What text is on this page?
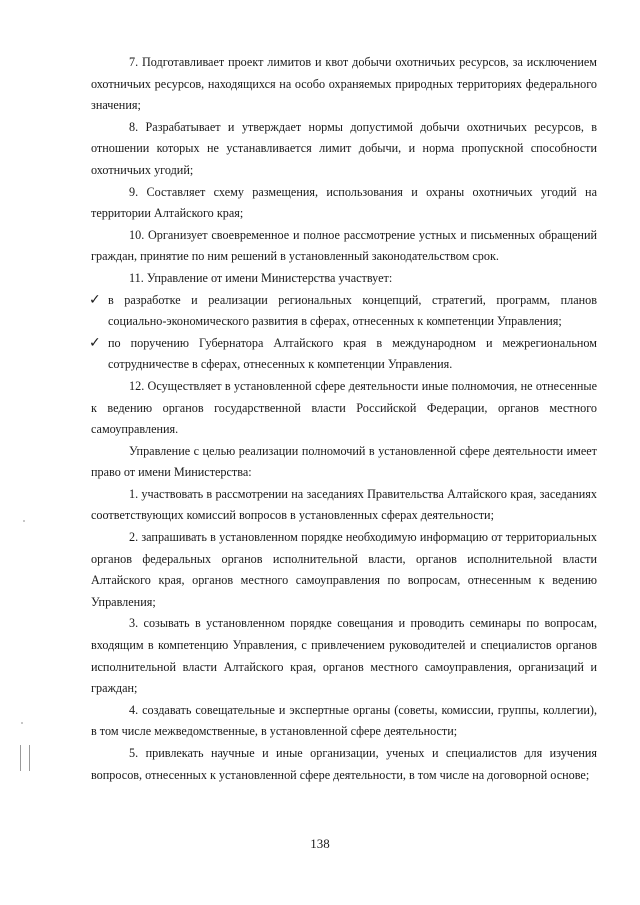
7. Подготавливает проект лимитов и квот добычи охотничьих ресурсов, за исключением охотничьих ресурсов, находящихся на особо охраняемых природных территориях федерального значения;

8. Разрабатывает и утверждает нормы допустимой добычи охотничьих ресурсов, в отношении которых не устанавливается лимит добычи, и норма пропускной способности охотничьих угодий;

9. Составляет схему размещения, использования и охраны охотничьих угодий на территории Алтайского края;

10. Организует своевременное и полное рассмотрение устных и письменных обращений граждан, принятие по ним решений в установленный законодательством срок.

11. Управление от имени Министерства участвует:

✓ в разработке и реализации региональных концепций, стратегий, программ, планов социально-экономического развития в сферах, отнесенных к компетенции Управления;

✓ по поручению Губернатора Алтайского края в международном и межрегиональном сотрудничестве в сферах, отнесенных к компетенции Управления.

12. Осуществляет в установленной сфере деятельности иные полномочия, не отнесенные к ведению органов государственной власти Российской Федерации, органов местного самоуправления.

Управление с целью реализации полномочий в установленной сфере деятельности имеет право от имени Министерства:

1. участвовать в рассмотрении на заседаниях Правительства Алтайского края, заседаниях соответствующих комиссий вопросов в установленных сферах деятельности;

2. запрашивать в установленном порядке необходимую информацию от территориальных органов федеральных органов исполнительной власти, органов исполнительной власти Алтайского края, органов местного самоуправления по вопросам, отнесенным к ведению Управления;

3. созывать в установленном порядке совещания и проводить семинары по вопросам, входящим в компетенцию Управления, с привлечением руководителей и специалистов органов исполнительной власти Алтайского края, органов местного самоуправления, организаций и граждан;

4. создавать совещательные и экспертные органы (советы, комиссии, группы, коллегии), в том числе межведомственные, в установленной сфере деятельности;

5. привлекать научные и иные организации, ученых и специалистов для изучения вопросов, отнесенных к установленной сфере деятельности, в том числе на договорной основе;

138
